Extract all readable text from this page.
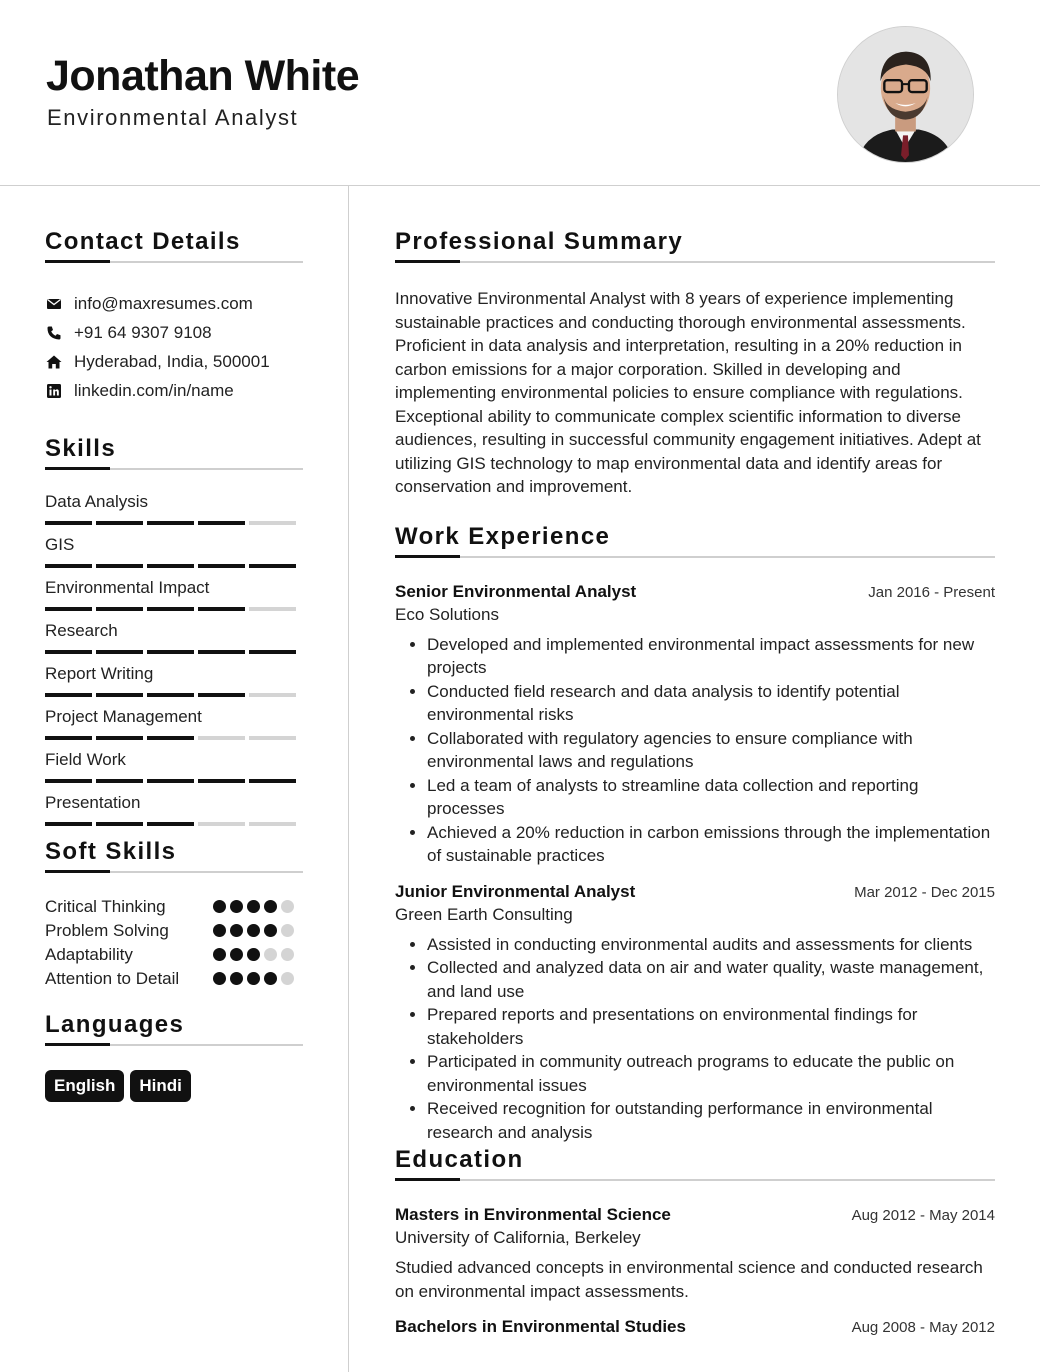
Jonathan White
Environmental Analyst
Contact Details
info@maxresumes.com
+91 64 9307 9108
Hyderabad, India, 500001
linkedin.com/in/name
Skills
Data Analysis
GIS
Environmental Impact
Research
Report Writing
Project Management
Field Work
Presentation
Soft Skills
Critical Thinking
Problem Solving
Adaptability
Attention to Detail
Languages
English	Hindi
Professional Summary

Innovative Environmental Analyst with 8 years of experience implementing sustainable practices and conducting thorough environmental assessments. Proficient in data analysis and interpretation, resulting in a 20% reduction in carbon emissions for a major corporation. Skilled in developing and implementing environmental policies to ensure compliance with regulations. Exceptional ability to communicate complex scientific information to diverse audiences, resulting in successful community engagement initiatives. Adept at utilizing GIS technology to map environmental data and identify areas for conservation and improvement.

Work Experience
Senior Environmental Analyst	Jan 2016 - Present
Eco Solutions
• Developed and implemented environmental impact assessments for new projects
• Conducted field research and data analysis to identify potential environmental risks
• Collaborated with regulatory agencies to ensure compliance with environmental laws and regulations
• Led a team of analysts to streamline data collection and reporting processes
• Achieved a 20% reduction in carbon emissions through the implementation of sustainable practices
Junior Environmental Analyst	Mar 2012 - Dec 2015
Green Earth Consulting
• Assisted in conducting environmental audits and assessments for clients
• Collected and analyzed data on air and water quality, waste management, and land use
• Prepared reports and presentations on environmental findings for stakeholders
• Participated in community outreach programs to educate the public on environmental issues
• Received recognition for outstanding performance in environmental research and analysis
Education
Masters in Environmental Science	Aug 2012 - May 2014
University of California, Berkeley

Studied advanced concepts in environmental science and conducted research on environmental impact assessments.

Bachelors in Environmental Studies	Aug 2008 - May 2012
